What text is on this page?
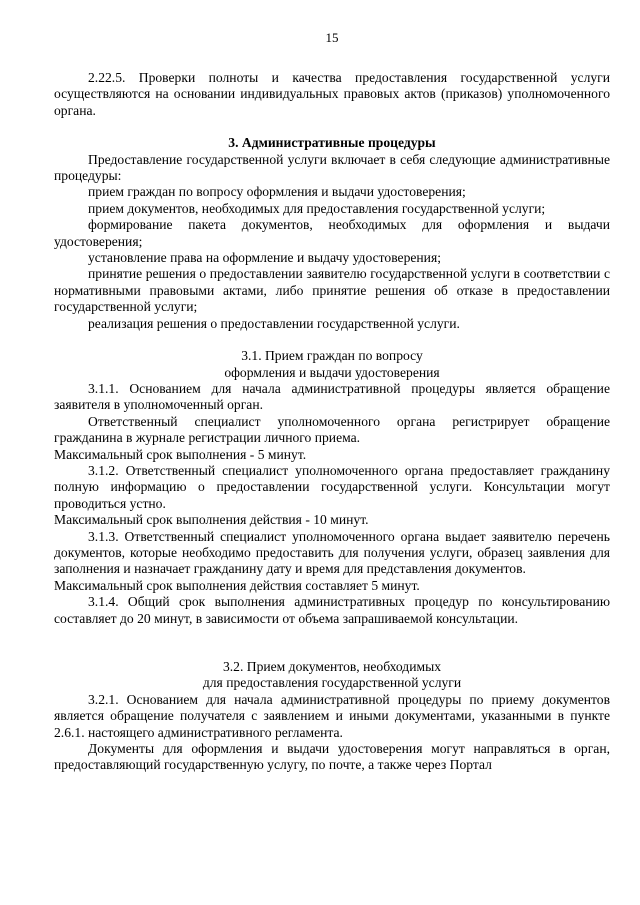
15

2.22.5. Проверки полноты и качества предоставления государственной услуги осуществляются на основании индивидуальных правовых актов (приказов) уполномоченного органа.

3. Административные процедуры

Предоставление государственной услуги включает в себя следующие административные процедуры:

прием граждан по вопросу оформления и выдачи удостоверения;

прием документов, необходимых для предоставления государственной услуги;

формирование пакета документов, необходимых для оформления и выдачи удостоверения;

установление права на оформление и выдачу удостоверения;

принятие решения о предоставлении заявителю государственной услуги в соответствии с нормативными правовыми актами, либо принятие решения об отказе в предоставлении государственной услуги;

реализация решения о предоставлении государственной услуги.

3.1. Прием граждан по вопросу
оформления и выдачи удостоверения

3.1.1. Основанием для начала административной процедуры является обращение заявителя в уполномоченный орган.

Ответственный специалист уполномоченного органа регистрирует обращение гражданина в журнале регистрации личного приема.

Максимальный срок выполнения - 5 минут.

3.1.2. Ответственный специалист уполномоченного органа предоставляет гражданину полную информацию о предоставлении государственной услуги. Консультации могут проводиться устно.

Максимальный срок выполнения действия - 10 минут.

3.1.3. Ответственный специалист уполномоченного органа выдает заявителю перечень документов, которые необходимо предоставить для получения услуги, образец заявления для заполнения и назначает гражданину дату и время для представления документов.

Максимальный срок выполнения действия составляет 5 минут.

3.1.4. Общий срок выполнения административных процедур по консультированию составляет до 20 минут, в зависимости от объема запрашиваемой консультации.

3.2. Прием документов, необходимых
для предоставления государственной услуги

3.2.1. Основанием для начала административной процедуры по приему документов является обращение получателя с заявлением и иными документами, указанными в пункте 2.6.1. настоящего административного регламента.

Документы для оформления и выдачи удостоверения могут направляться в орган, предоставляющий государственную услугу, по почте, а также через Портал
